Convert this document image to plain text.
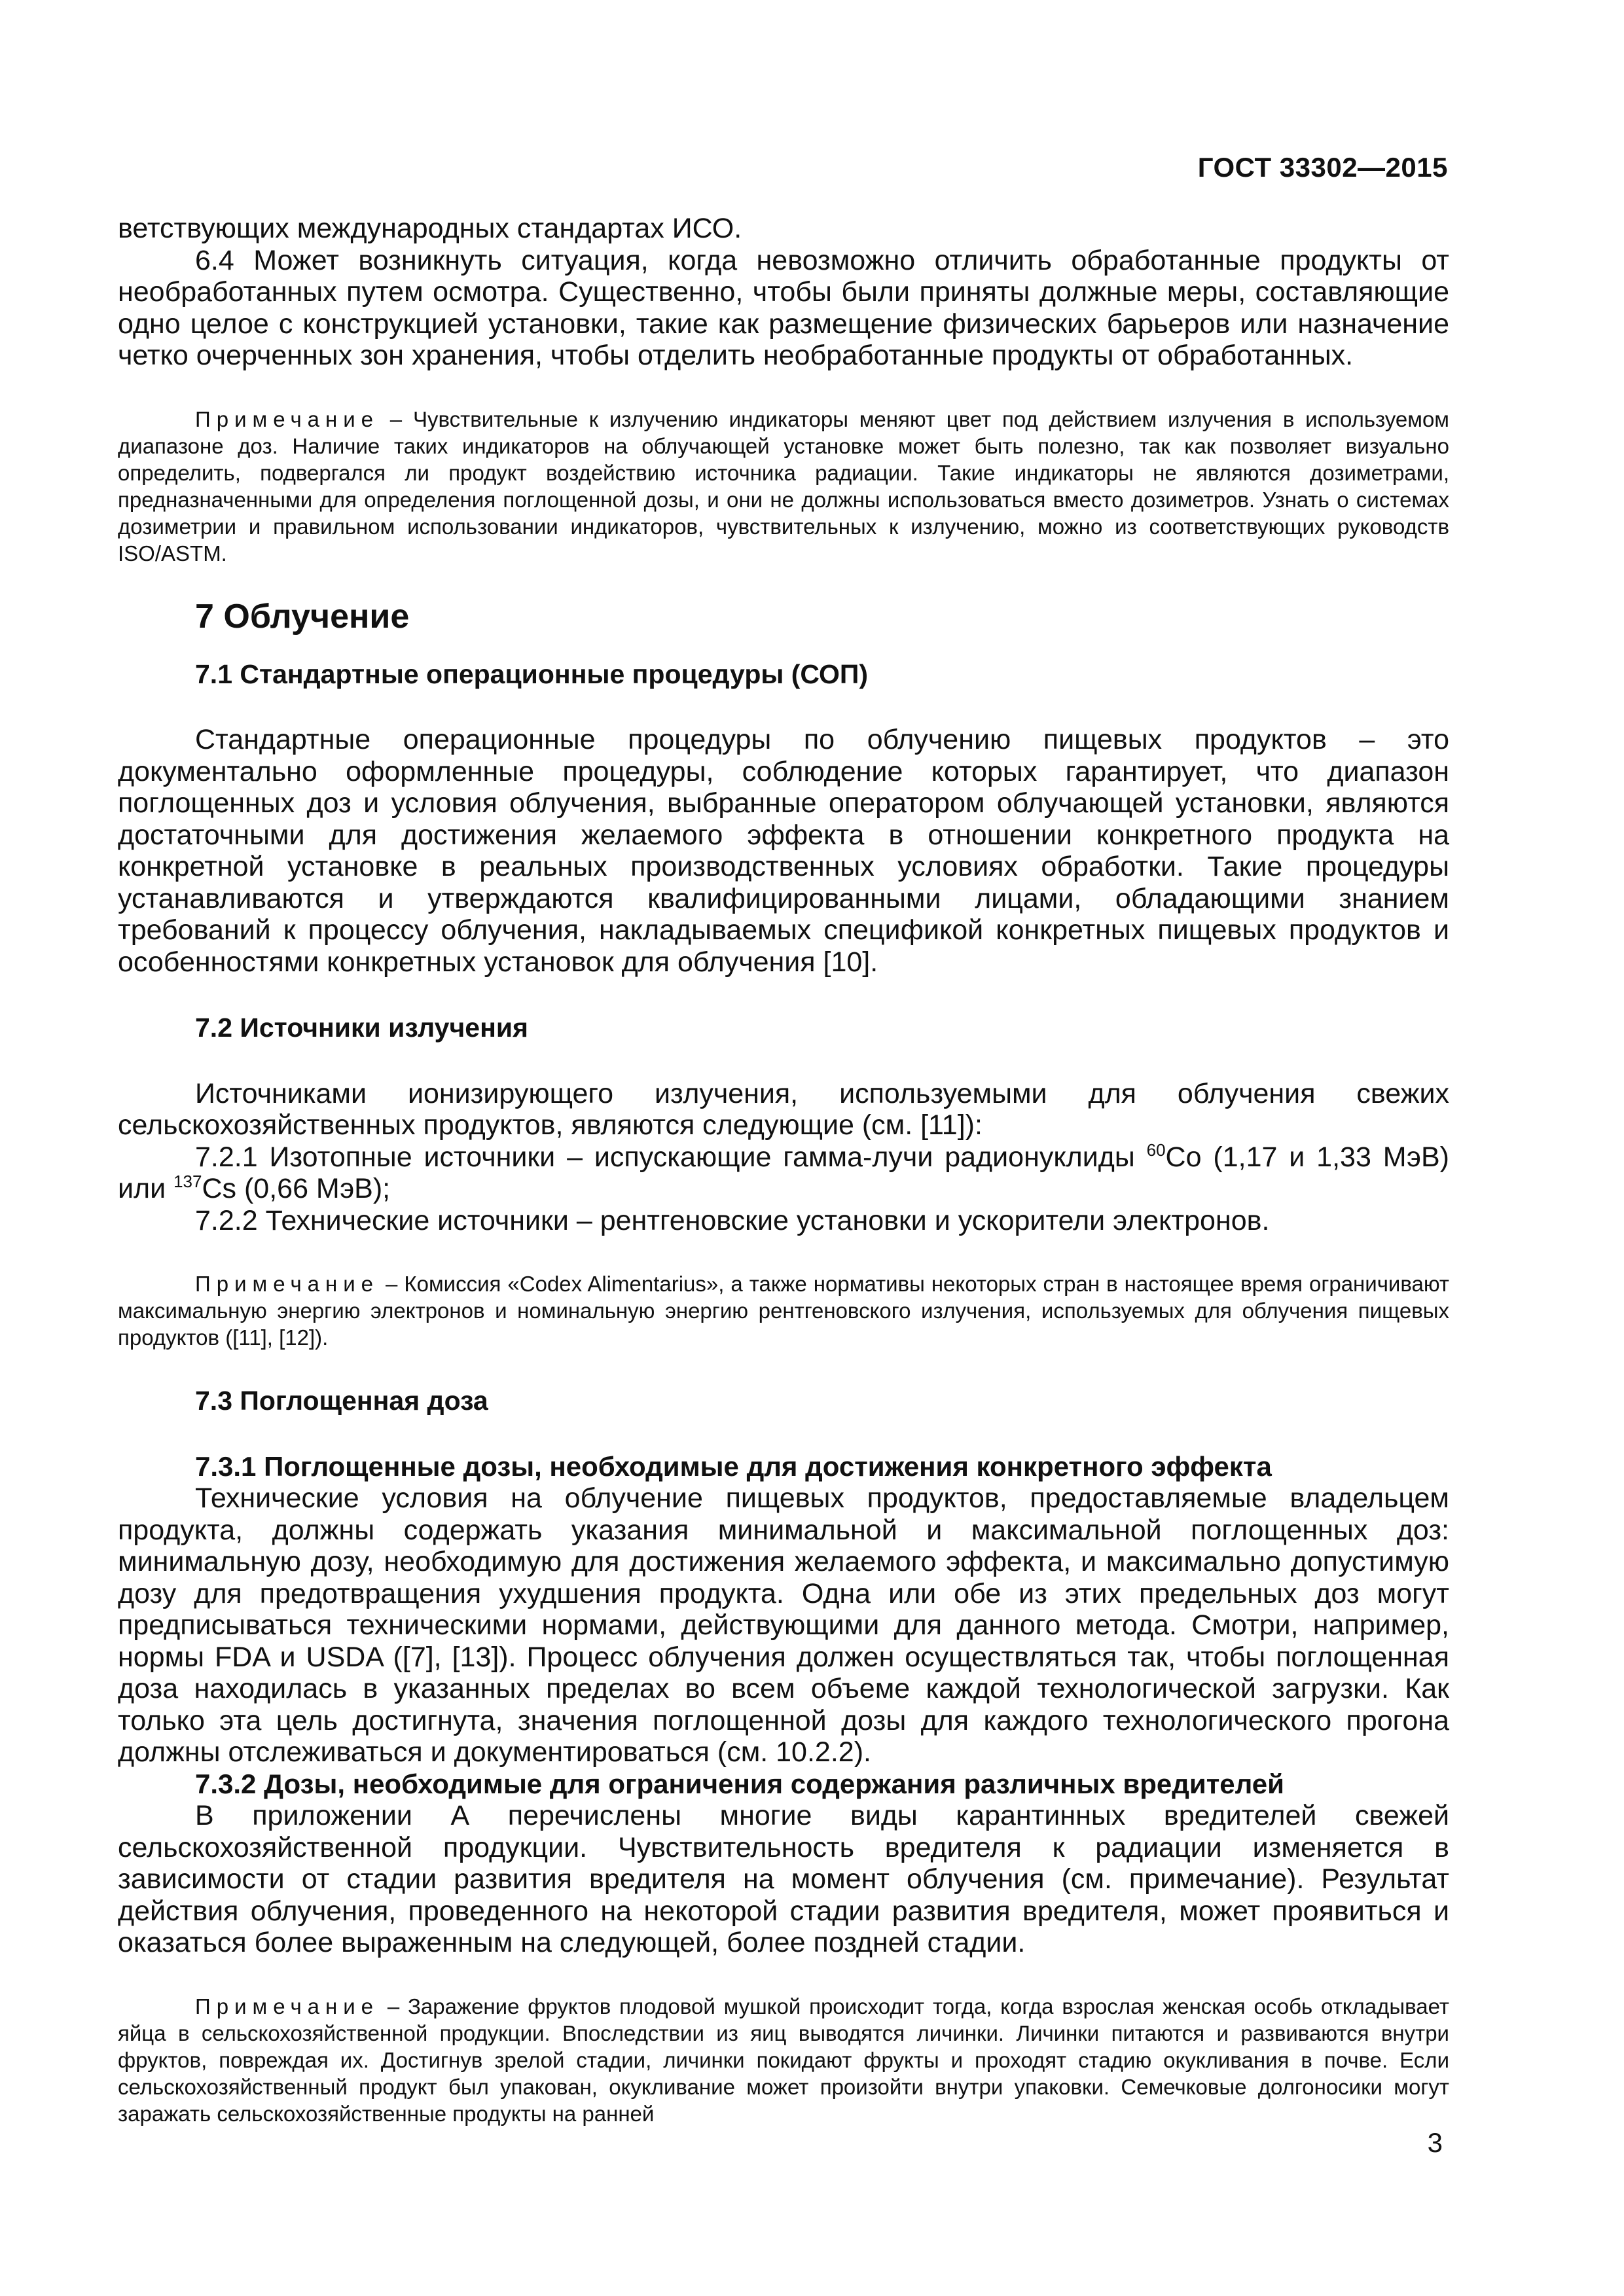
ГОСТ 33302—2015

ветствующих международных стандартах ИСО.

6.4 Может возникнуть ситуация, когда невозможно отличить обработанные продукты от необработанных путем осмотра. Существенно, чтобы были приняты должные меры, составляющие одно целое с конструкцией установки, такие как размещение физических барьеров или назначение четко очерченных зон хранения, чтобы отделить необработанные продукты от обработанных.

Примечание – Чувствительные к излучению индикаторы меняют цвет под действием излучения в используемом диапазоне доз. Наличие таких индикаторов на облучающей установке может быть полезно, так как позволяет визуально определить, подвергался ли продукт воздействию источника радиации. Такие индикаторы не являются дозиметрами, предназначенными для определения поглощенной дозы, и они не должны использоваться вместо дозиметров. Узнать о системах дозиметрии и правильном использовании индикаторов, чувствительных к излучению, можно из соответствующих руководств ISO/ASTM.

7 Облучение
7.1 Стандартные операционные процедуры (СОП)

Стандартные операционные процедуры по облучению пищевых продуктов – это документально оформленные процедуры, соблюдение которых гарантирует, что диапазон поглощенных доз и условия облучения, выбранные оператором облучающей установки, являются достаточными для достижения желаемого эффекта в отношении конкретного продукта на конкретной установке в реальных производственных условиях обработки. Такие процедуры устанавливаются и утверждаются квалифицированными лицами, обладающими знанием требований к процессу облучения, накладываемых спецификой конкретных пищевых продуктов и особенностями конкретных установок для облучения [10].

7.2 Источники излучения

Источниками ионизирующего излучения, используемыми для облучения свежих сельскохозяйственных продуктов, являются следующие (см. [11]):

7.2.1 Изотопные источники – испускающие гамма-лучи радионуклиды $^{60}$Co (1,17 и 1,33 МэВ) или $^{137}$Cs (0,66 МэВ);

7.2.2 Технические источники – рентгеновские установки и ускорители электронов.

Примечание – Комиссия «Codex Alimentarius», а также нормативы некоторых стран в настоящее время ограничивают максимальную энергию электронов и номинальную энергию рентгеновского излучения, используемых для облучения пищевых продуктов ([11], [12]).

7.3 Поглощенная доза
7.3.1 Поглощенные дозы, необходимые для достижения конкретного эффекта

Технические условия на облучение пищевых продуктов, предоставляемые владельцем продукта, должны содержать указания минимальной и максимальной поглощенных доз: минимальную дозу, необходимую для достижения желаемого эффекта, и максимально допустимую дозу для предотвращения ухудшения продукта. Одна или обе из этих предельных доз могут предписываться техническими нормами, действующими для данного метода. Смотри, например, нормы FDA и USDA ([7], [13]). Процесс облучения должен осуществляться так, чтобы поглощенная доза находилась в указанных пределах во всем объеме каждой технологической загрузки. Как только эта цель достигнута, значения поглощенной дозы для каждого технологического прогона должны отслеживаться и документироваться (см. 10.2.2).

7.3.2 Дозы, необходимые для ограничения содержания различных вредителей

В приложении А перечислены многие виды карантинных вредителей свежей сельскохозяйственной продукции. Чувствительность вредителя к радиации изменяется в зависимости от стадии развития вредителя на момент облучения (см. примечание). Результат действия облучения, проведенного на некоторой стадии развития вредителя, может проявиться и оказаться более выраженным на следующей, более поздней стадии.

Примечание – Заражение фруктов плодовой мушкой происходит тогда, когда взрослая женская особь откладывает яйца в сельскохозяйственной продукции. Впоследствии из яиц выводятся личинки. Личинки питаются и развиваются внутри фруктов, повреждая их. Достигнув зрелой стадии, личинки покидают фрукты и проходят стадию окукливания в почве. Если сельскохозяйственный продукт был упакован, окукливание может произойти внутри упаковки. Семечковые долгоносики могут заражать сельскохозяйственные продукты на ранней

3
